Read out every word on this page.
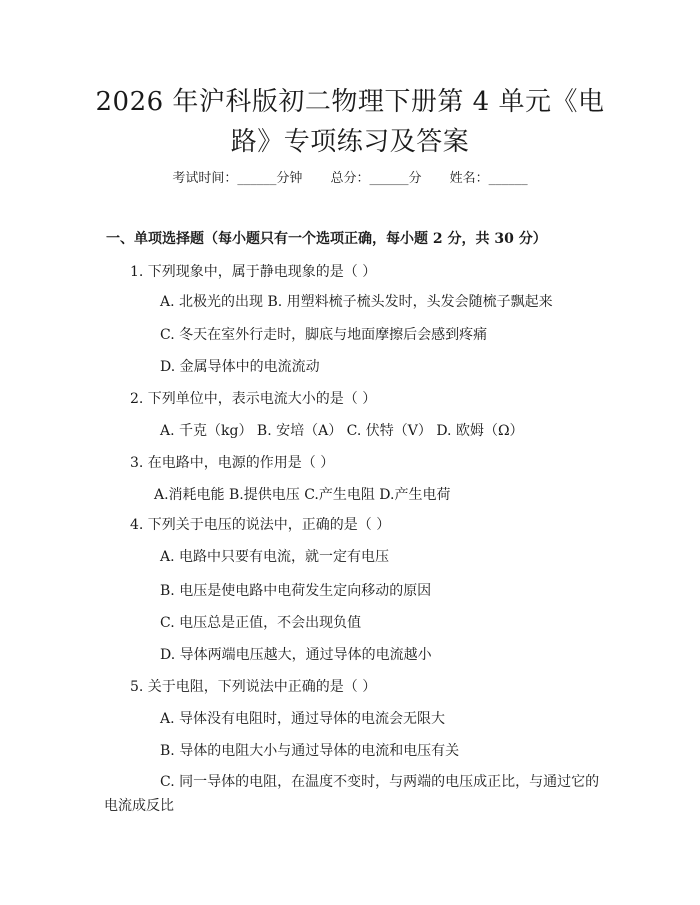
2026 年沪科版初二物理下册第 4 单元《电
路》专项练习及答案
考试时间：______分钟 总分：______分 姓名：______
一、单项选择题（每小题只有一个选项正确，每小题 2 分，共 30 分）
1. 下列现象中，属于静电现象的是（ ）
A. 北极光的出现 B. 用塑料梳子梳头发时，头发会随梳子飘起来
C. 冬天在室外行走时，脚底与地面摩擦后会感到疼痛
D. 金属导体中的电流流动
2. 下列单位中，表示电流大小的是（ ）
A. 千克（kg） B. 安培（A） C. 伏特（V） D. 欧姆（Ω）
3. 在电路中，电源的作用是（ ）
A.消耗电能 B.提供电压 C.产生电阻 D.产生电荷
4. 下列关于电压的说法中，正确的是（ ）
A. 电路中只要有电流，就一定有电压
B. 电压是使电路中电荷发生定向移动的原因
C. 电压总是正值，不会出现负值
D. 导体两端电压越大，通过导体的电流越小
5. 关于电阻，下列说法中正确的是（ ）
A. 导体没有电阻时，通过导体的电流会无限大
B. 导体的电阻大小与通过导体的电流和电压有关
C. 同一导体的电阻，在温度不变时，与两端的电压成正比，与通过它的
电流成反比
